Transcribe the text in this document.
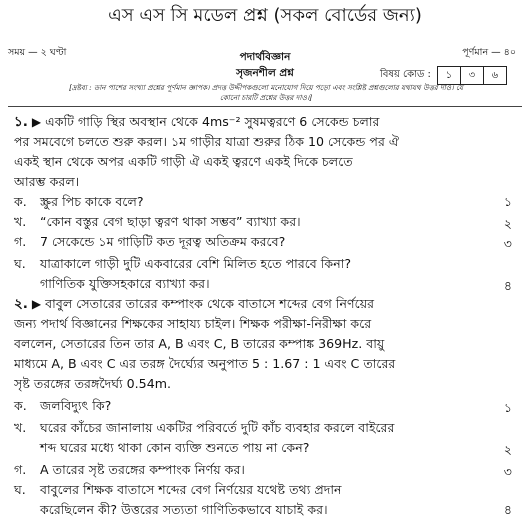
এস এস সি মডেল প্রশ্ন (সকল বোর্ডের জন্য)
সময় — ২ ঘণ্টা	পদার্থবিজ্ঞান	পূর্ণমান — ৪০
সৃজনশীল প্রশ্ন	বিষয় কোড :	১	৩	৬
[দ্রষ্টব্য : ডান পাশের সংখ্যা প্রশ্নের পূর্ণমান জ্ঞাপক। প্রদত্ত উদ্দীপকগুলো মনোযোগ দিয়ে পড়ো এবং সংশ্লিষ্ট প্রশ্নগুলোর যথাযথ উত্তর দাও। যে
কোনো চারটি প্রশ্নের উত্তর দাও।]
১. ▶ একটি গাড়ি স্থির অবস্থান থেকে 4ms⁻² সুষমত্বরণে 6 সেকেন্ড চলার
পর সমবেগে চলতে শুরু করল। ১ম গাড়ীর যাত্রা শুরুর ঠিক 10 সেকেন্ড পর ঐ
একই স্থান থেকে অপর একটি গাড়ী ঐ একই ত্বরণে একই দিকে চলতে
আরম্ভ করল।
ক. স্ক্রুর পিচ কাকে বলে?	১
খ. “কোন বস্তুর বেগ ছাড়া ত্বরণ থাকা সম্ভব” ব্যাখ্যা কর।	২
গ. 7 সেকেন্ডে ১ম গাড়িটি কত দূরত্ব অতিক্রম করবে?	৩
ঘ. যাত্রাকালে গাড়ী দুটি একবারের বেশি মিলিত হতে পারবে কিনা?
গাণিতিক যুক্তিসহকারে ব্যাখ্যা কর।	৪
২. ▶ বাবুল সেতারের তারের কম্পাংক থেকে বাতাসে শব্দের বেগ নির্ণয়ের
জন্য পদার্থ বিজ্ঞানের শিক্ষকের সাহায্য চাইল। শিক্ষক পরীক্ষা-নিরীক্ষা করে
বললেন, সেতারের তিন তার A, B এবং C, B তারের কম্পাঙ্ক 369Hz. বায়ু
মাধ্যমে A, B এবং C এর তরঙ্গ দৈর্ঘ্যের অনুপাত 5 : 1.67 : 1 এবং C তারের
সৃষ্ট তরঙ্গের তরঙ্গদৈর্ঘ্য 0.54m.
ক. জলবিদ্যুৎ কি?	১
খ. ঘরের কাঁচের জানালায় একটির পরিবর্তে দুটি কাঁচ ব্যবহার করলে বাইরের
শব্দ ঘরের মধ্যে থাকা কোন ব্যক্তি শুনতে পায় না কেন?	২
গ. A তারের সৃষ্ট তরঙ্গের কম্পাংক নির্ণয় কর।	৩
ঘ. বাবুলের শিক্ষক বাতাসে শব্দের বেগ নির্ণয়ের যথেষ্ট তথ্য প্রদান
করেছিলেন কী? উত্তরের সত্যতা গাণিতিকভাবে যাচাই কর।	৪
